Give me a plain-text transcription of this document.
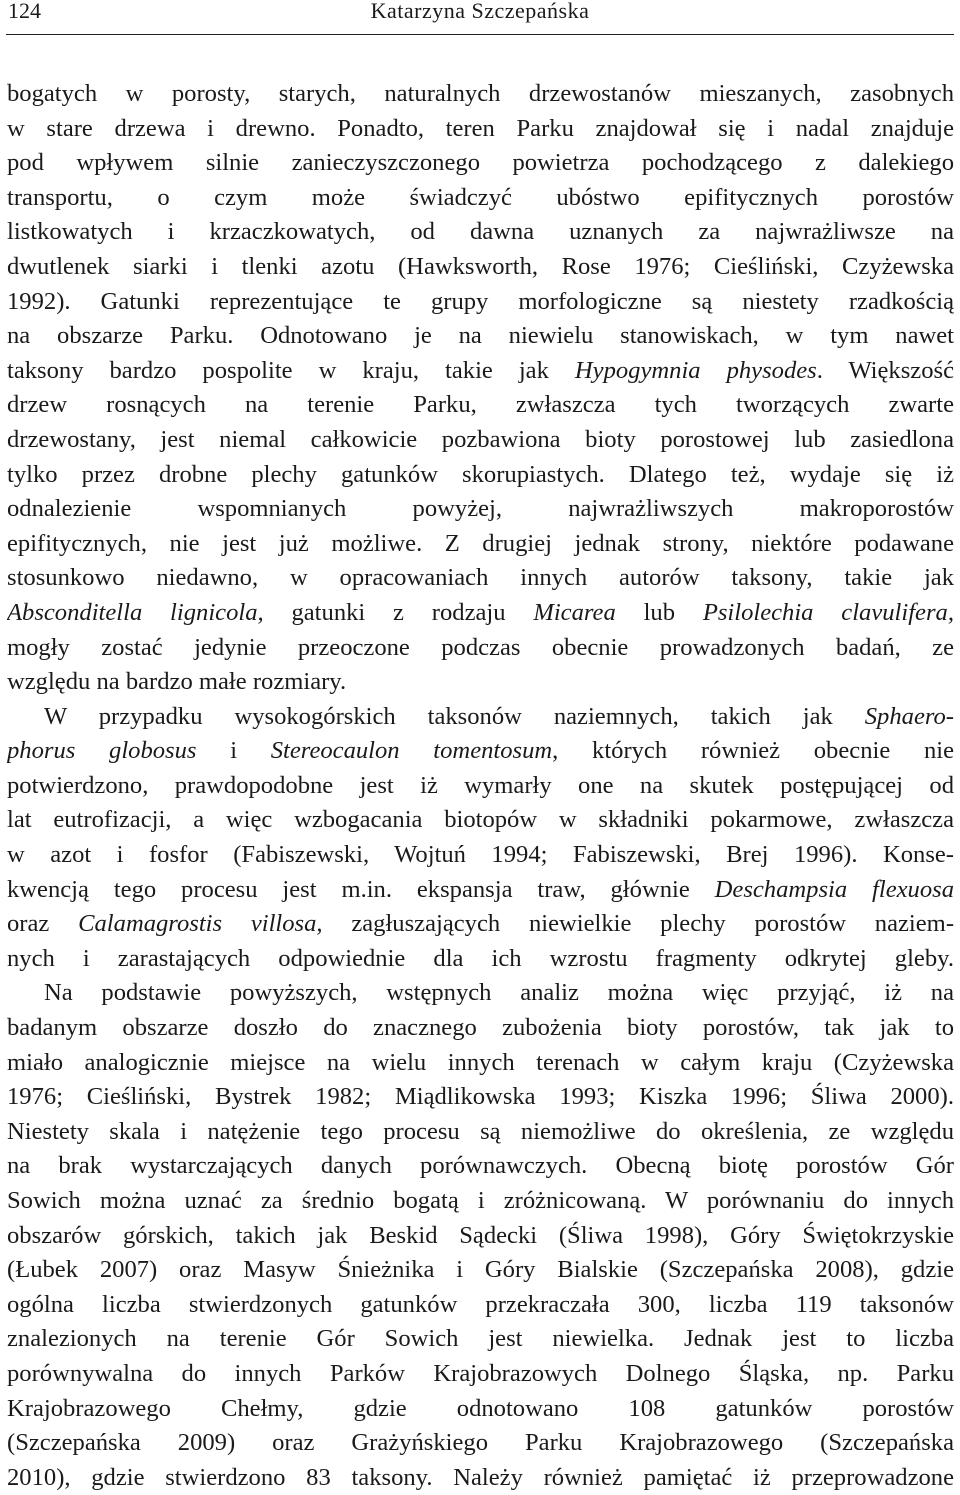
124	Katarzyna Szczepańska
bogatych w porosty, starych, naturalnych drzewostanów mieszanych, zasobnych
w stare drzewa i drewno. Ponadto, teren Parku znajdował się i nadal znajduje
pod wpływem silnie zanieczyszczonego powietrza pochodzącego z dalekiego
transportu, o czym może świadczyć ubóstwo epifitycznych porostów
listkowatych i krzaczkowatych, od dawna uznanych za najwrażliwsze na
dwutlenek siarki i tlenki azotu (Hawksworth, Rose 1976; Cieśliński, Czyżewska
1992). Gatunki reprezentujące te grupy morfologiczne są niestety rzadkością
na obszarze Parku. Odnotowano je na niewielu stanowiskach, w tym nawet
taksony bardzo pospolite w kraju, takie jak Hypogymnia physodes. Większość
drzew rosnących na terenie Parku, zwłaszcza tych tworzących zwarte
drzewostany, jest niemal całkowicie pozbawiona bioty porostowej lub zasiedlona
tylko przez drobne plechy gatunków skorupiastych. Dlatego też, wydaje się iż
odnalezienie wspomnianych powyżej, najwrażliwszych makroporostów
epifitycznych, nie jest już możliwe. Z drugiej jednak strony, niektóre podawane
stosunkowo niedawno, w opracowaniach innych autorów taksony, takie jak
Absconditella lignicola, gatunki z rodzaju Micarea lub Psilolechia clavulifera,
mogły zostać jedynie przeoczone podczas obecnie prowadzonych badań, ze
względu na bardzo małe rozmiary.
W przypadku wysokogórskich taksonów naziemnych, takich jak Sphaero-
phorus globosus i Stereocaulon tomentosum, których również obecnie nie
potwierdzono, prawdopodobne jest iż wymarły one na skutek postępującej od
lat eutrofizacji, a więc wzbogacania biotopów w składniki pokarmowe, zwłaszcza
w azot i fosfor (Fabiszewski, Wojtuń 1994; Fabiszewski, Brej 1996). Konse-
kwencją tego procesu jest m.in. ekspansja traw, głównie Deschampsia flexuosa
oraz Calamagrostis villosa, zagłuszających niewielkie plechy porostów naziem-
nych i zarastających odpowiednie dla ich wzrostu fragmenty odkrytej gleby.
Na podstawie powyższych, wstępnych analiz można więc przyjąć, iż na
badanym obszarze doszło do znacznego zubożenia bioty porostów, tak jak to
miało analogicznie miejsce na wielu innych terenach w całym kraju (Czyżewska
1976; Cieśliński, Bystrek 1982; Miądlikowska 1993; Kiszka 1996; Śliwa 2000).
Niestety skala i natężenie tego procesu są niemożliwe do określenia, ze względu
na brak wystarczających danych porównawczych. Obecną biotę porostów Gór
Sowich można uznać za średnio bogatą i zróżnicowaną. W porównaniu do innych
obszarów górskich, takich jak Beskid Sądecki (Śliwa 1998), Góry Świętokrzyskie
(Łubek 2007) oraz Masyw Śnieżnika i Góry Bialskie (Szczepańska 2008), gdzie
ogólna liczba stwierdzonych gatunków przekraczała 300, liczba 119 taksonów
znalezionych na terenie Gór Sowich jest niewielka. Jednak jest to liczba
porównywalna do innych Parków Krajobrazowych Dolnego Śląska, np. Parku
Krajobrazowego Chełmy, gdzie odnotowano 108 gatunków porostów
(Szczepańska 2009) oraz Grażyńskiego Parku Krajobrazowego (Szczepańska
2010), gdzie stwierdzono 83 taksony. Należy również pamiętać iż przeprowadzone
